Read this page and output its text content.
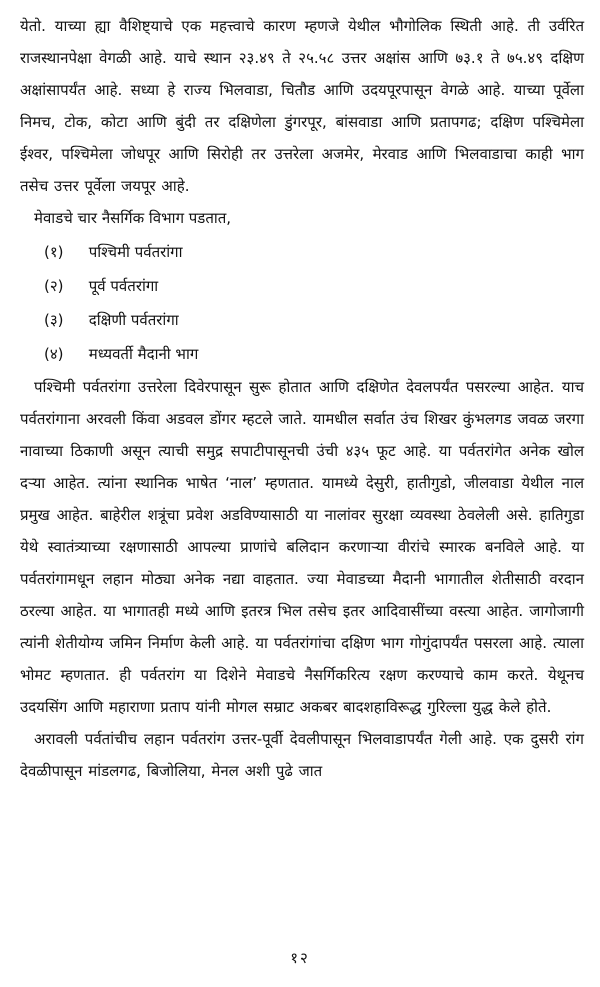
येतो. याच्या ह्या वैशिष्ट्याचे एक महत्त्वाचे कारण म्हणजे येथील भौगोलिक स्थिती आहे. ती उर्वरित राजस्थानपेक्षा वेगळी आहे. याचे स्थान २३.४९ ते २५.५८ उत्तर अक्षांस आणि ७३.१ ते ७५.४९ दक्षिण अक्षांसापर्यंत आहे. सध्या हे राज्य भिलवाडा, चितौड आणि उदयपूरपासून वेगळे आहे. याच्या पूर्वेला निमच, टोक, कोटा आणि बुंदी तर दक्षिणेला डुंगरपूर, बांसवाडा आणि प्रतापगढ; दक्षिण पश्चिमेला ईश्वर, पश्चिमेला जोधपूर आणि सिरोही तर उत्तरेला अजमेर, मेरवाड आणि भिलवाडाचा काही भाग तसेच उत्तर पूर्वेला जयपूर आहे.

मेवाडचे चार नैसर्गिक विभाग पडतात,

(१) पश्चिमी पर्वतरांगा
(२) पूर्व पर्वतरांगा
(३) दक्षिणी पर्वतरांगा
(४) मध्यवर्ती मैदानी भाग

पश्चिमी पर्वतरांगा उत्तरेला दिवेरपासून सुरू होतात आणि दक्षिणेत देवलपर्यंत पसरल्या आहेत. याच पर्वतरांगाना अरवली किंवा अडवल डोंगर म्हटले जाते. यामधील सर्वात उंच शिखर कुंभलगड जवळ जरगा नावाच्या ठिकाणी असून त्याची समुद्र सपाटीपासूनची उंची ४३५ फूट आहे. या पर्वतरांगेत अनेक खोल दऱ्या आहेत. त्यांना स्थानिक भाषेत ‘नाल’ म्हणतात. यामध्ये देसुरी, हातीगुडो, जीलवाडा येथील नाल प्रमुख आहेत. बाहेरील शत्रूंचा प्रवेश अडविण्यासाठी या नालांवर सुरक्षा व्यवस्था ठेवलेली असे. हातिगुडा येथे स्वातंत्र्याच्या रक्षणासाठी आपल्या प्राणांचे बलिदान करणाऱ्या वीरांचे स्मारक बनविले आहे. या पर्वतरांगामधून लहान मोठ्या अनेक नद्या वाहतात. ज्या मेवाडच्या मैदानी भागातील शेतीसाठी वरदान ठरल्या आहेत. या भागातही मध्ये आणि इतरत्र भिल तसेच इतर आदिवासींच्या वस्त्या आहेत. जागोजागी त्यांनी शेतीयोग्य जमिन निर्माण केली आहे. या पर्वतरांगांचा दक्षिण भाग गोगुंदापर्यंत पसरला आहे. त्याला भोमट म्हणतात. ही पर्वतरांग या दिशेने मेवाडचे नैसर्गिकरित्य रक्षण करण्याचे काम करते. येथूनच उदयसिंग आणि महाराणा प्रताप यांनी मोगल सम्राट अकबर बादशहाविरूद्ध गुरिल्ला युद्ध केले होते.

अरावली पर्वतांचीच लहान पर्वतरांग उत्तर-पूर्वी देवलीपासून भिलवाडापर्यंत गेली आहे. एक दुसरी रांग देवळीपासून मांडलगढ, बिजोलिया, मेनल अशी पुढे जात

१२
